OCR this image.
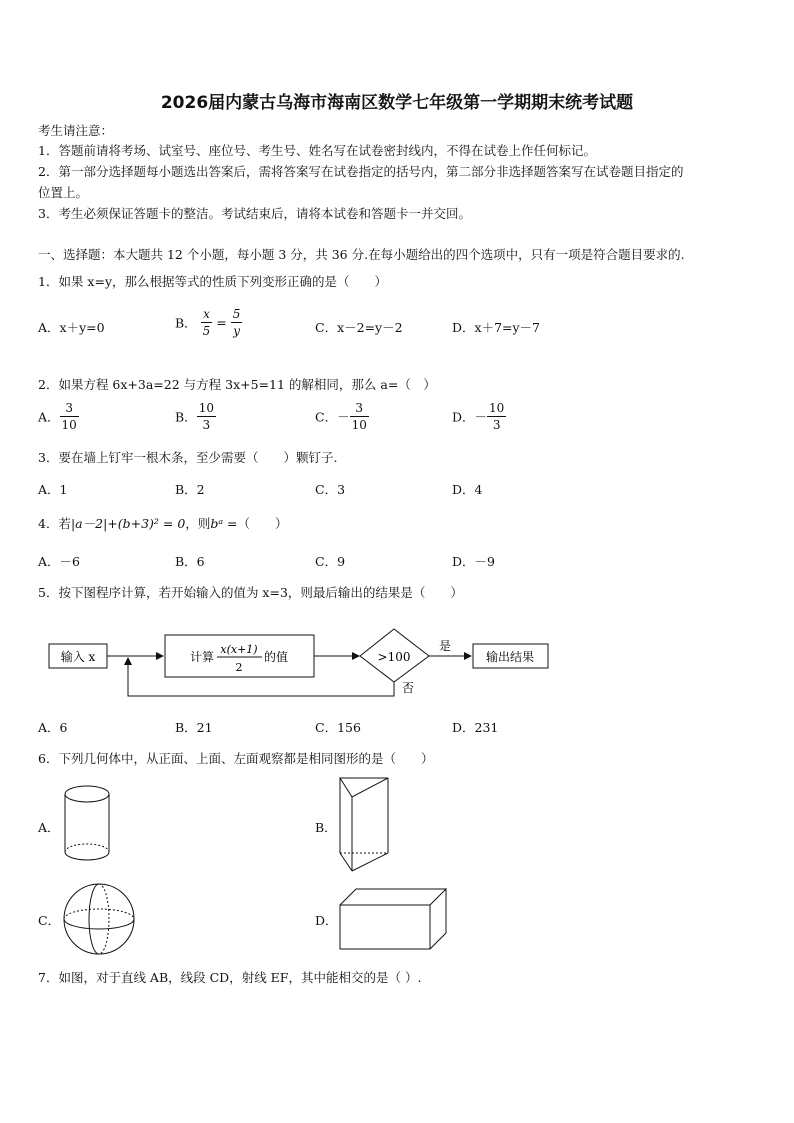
2026届内蒙古乌海市海南区数学七年级第一学期期末统考试题
考生请注意：
1．答题前请将考场、试室号、座位号、考生号、姓名写在试卷密封线内，不得在试卷上作任何标记。
2．第一部分选择题每小题选出答案后，需将答案写在试卷指定的括号内，第二部分非选择题答案写在试卷题目指定的
位置上。
3．考生必须保证答题卡的整洁。考试结束后，请将本试卷和答题卡一并交回。
一、选择题：本大题共 12 个小题，每小题 3 分，共 36 分.在每小题给出的四个选项中，只有一项是符合题目要求的.
1．如果 x=y，那么根据等式的性质下列变形正确的是（　　）
A．x＋y=0	B． $\frac{x}{5} = \frac{5}{y}$	C．x－2=y－2	D．x＋7=y－7
2．如果方程 6x+3a=22 与方程 3x+5=11 的解相同，那么 a=（　）
A． $\frac{3}{10}$	B． $\frac{10}{3}$	C．－ $\frac{3}{10}$	D．－ $\frac{10}{3}$
3．要在墙上钉牢一根木条，至少需要（　　）颗钉子.
A．1	B．2	C．3	D．4
4．若|a－2|+(b+3)² = 0，则bᵃ =（　　）
A．－6	B．6	C．9	D．－9
5．按下图程序计算，若开始输入的值为 x=3，则最后输出的结果是（　　）
输入 x	计算
x(x+1)
2
的值	>100
是
输出结果
否
A．6	B．21	C．156	D．231
6．下列几何体中，从正面、上面、左面观察都是相同图形的是（　　）
A．	B．
C．	D．
7．如图，对于直线 AB，线段 CD，射线 EF，其中能相交的是（ ）.
